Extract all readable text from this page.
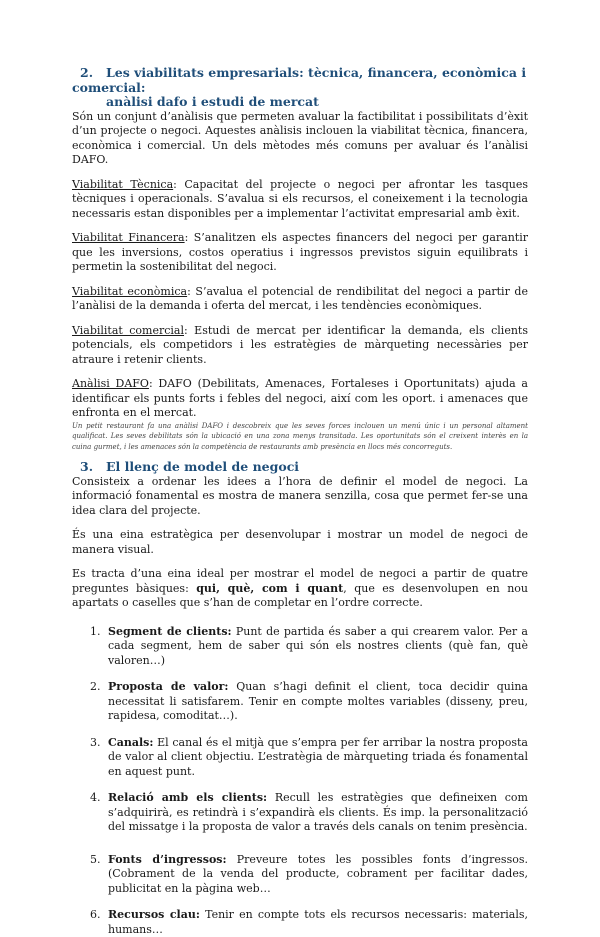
2. Les viabilitats empresarials: tècnica, financera, econòmica i comercial:
anàlisi dafo i estudi de mercat

Són un conjunt d’anàlisis que permeten avaluar la factibilitat i possibilitats d’èxit d’un projecte o negoci. Aquestes anàlisis inclouen la viabilitat tècnica, financera, econòmica i comercial. Un dels mètodes més comuns per avaluar és l’anàlisi DAFO.

Viabilitat Tècnica: Capacitat del projecte o negoci per afrontar les tasques tècniques i operacionals. S’avalua si els recursos, el coneixement i la tecnologia necessaris estan disponibles per a implementar l’activitat empresarial amb èxit.

Viabilitat Financera: S’analitzen els aspectes financers del negoci per garantir que les inversions, costos operatius i ingressos previstos siguin equilibrats i permetin la sostenibilitat del negoci.

Viabilitat econòmica: S’avalua el potencial de rendibilitat del negoci a partir de l’anàlisi de la demanda i oferta del mercat, i les tendències econòmiques.

Viabilitat comercial: Estudi de mercat per identificar la demanda, els clients potencials, els competidors i les estratègies de màrqueting necessàries per atraure i retenir clients.

Anàlisi DAFO: DAFO (Debilitats, Amenaces, Fortaleses i Oportunitats) ajuda a identificar els punts forts i febles del negoci, així com les oport. i amenaces que enfronta en el mercat.

Un petit restaurant fa una anàlisi DAFO i descobreix que les seves forces inclouen un menú únic i un personal altament qualificat. Les seves debilitats són la ubicació en una zona menys transitada. Les oportunitats són el creixent interès en la cuina gurmet, i les amenaces són la competència de restaurants amb presència en llocs més concorreguts.

3. El llenç de model de negoci

Consisteix a ordenar les idees a l’hora de definir el model de negoci. La informació fonamental es mostra de manera senzilla, cosa que permet fer-se una idea clara del projecte.

És una eina estratègica per desenvolupar i mostrar un model de negoci de manera visual.

Es tracta d’una eina ideal per mostrar el model de negoci a partir de quatre preguntes bàsiques: qui, què, com i quant, que es desenvolupen en nou apartats o caselles que s’han de completar en l’ordre correcte.

1. Segment de clients: Punt de partida és saber a qui crearem valor. Per a cada segment, hem de saber qui són els nostres clients (què fan, què valoren…)
2. Proposta de valor: Quan s’hagi definit el client, toca decidir quina necessitat li satisfarem. Tenir en compte moltes variables (disseny, preu, rapidesa, comoditat…).
3. Canals: El canal és el mitjà que s’empra per fer arribar la nostra proposta de valor al client objectiu. L’estratègia de màrqueting triada és fonamental en aquest punt.
4. Relació amb els clients: Recull les estratègies que defineixen com s’adquirirà, es retindrà i s’expandirà els clients. És imp. la personalització del missatge i la proposta de valor a través dels canals on tenim presència.
5. Fonts d’ingressos: Preveure totes les possibles fonts d’ingressos. (Cobrament de la venda del producte, cobrament per facilitar dades, publicitat en la pàgina web…
6. Recursos clau: Tenir en compte tots els recursos necessaris: materials, humans…
